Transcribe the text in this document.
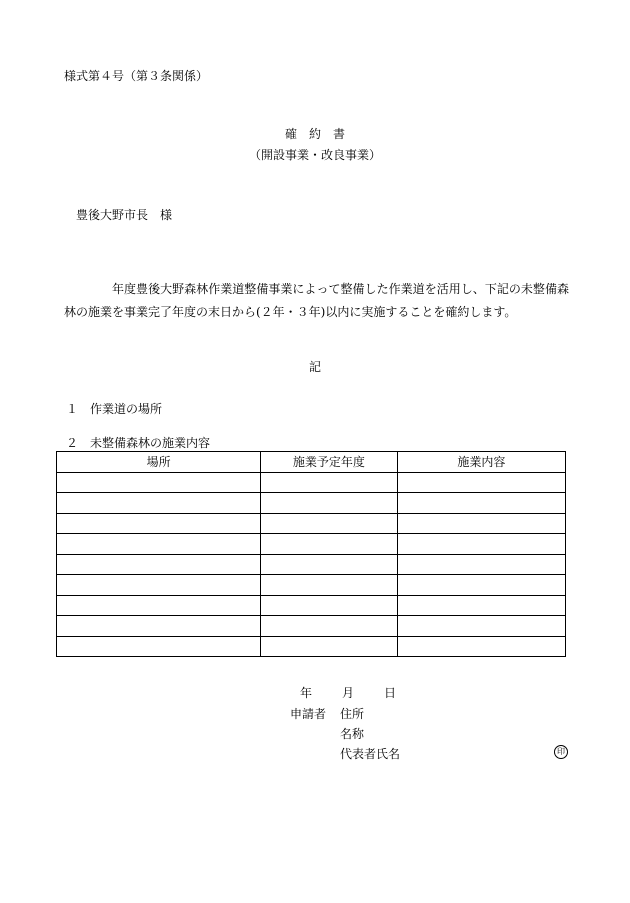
様式第４号（第３条関係）
確　約　書
（開設事業・改良事業）
豊後大野市長　様
年度豊後大野森林作業道整備事業によって整備した作業道を活用し、下記の未整備森林の施業を事業完了年度の末日から(２年・３年)以内に実施することを確約します。
記
１ 作業道の場所
２ 未整備森林の施業内容
場所	施業予定年度	施業内容

年	月	日
申請者 住所
名称
代表者氏名	印
